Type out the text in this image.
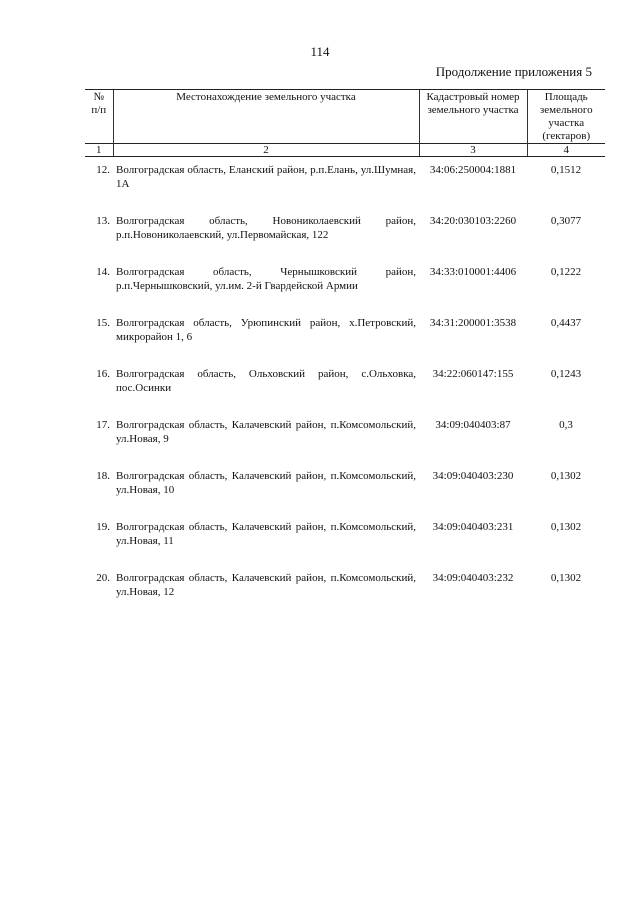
114
Продолжение приложения 5
№ п/п	Местонахождение земельного участка	Кадастровый номер земельного участка	Площадь земельного участка (гектаров)
1	2	3	4

12.	Волгоградская область, Еланский район, р.п.Елань, ул.Шумная, 1А	34:06:250004:1881	0,1512

13.	Волгоградская область, Новониколаевский район, р.п.Новониколаевский, ул.Первомайская, 122	34:20:030103:2260	0,3077

14.	Волгоградская область, Чернышковский район, р.п.Чернышковский, ул.им. 2-й Гвардейской Армии	34:33:010001:4406	0,1222

15.	Волгоградская область, Урюпинский район, х.Петровский, микрорайон 1, 6	34:31:200001:3538	0,4437

16.	Волгоградская область, Ольховский район, с.Ольховка, пос.Осинки	34:22:060147:155	0,1243

17.	Волгоградская область, Калачевский район, п.Комсомольский, ул.Новая, 9	34:09:040403:87	0,3

18.	Волгоградская область, Калачевский район, п.Комсомольский, ул.Новая, 10	34:09:040403:230	0,1302

19.	Волгоградская область, Калачевский район, п.Комсомольский, ул.Новая, 11	34:09:040403:231	0,1302

20.	Волгоградская область, Калачевский район, п.Комсомольский, ул.Новая, 12	34:09:040403:232	0,1302
